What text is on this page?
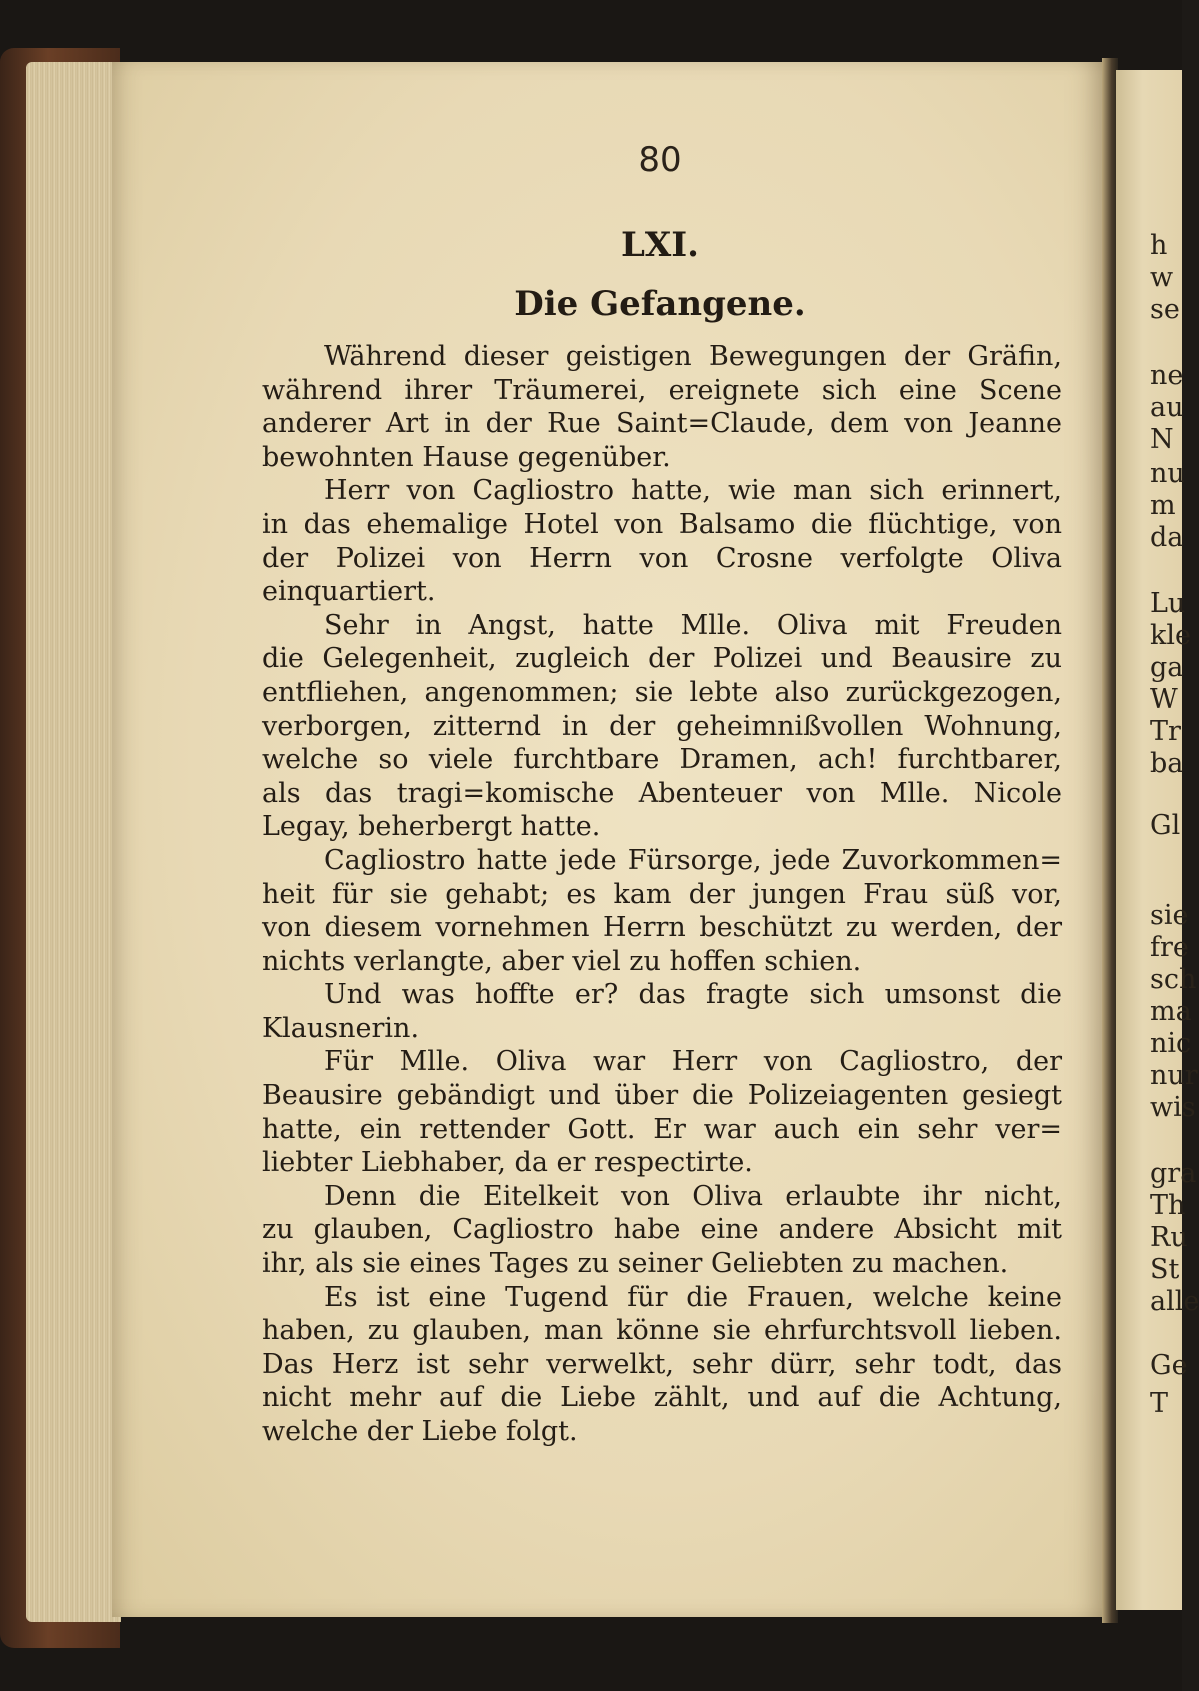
h
w
se
ne
au
N
nu
m
da
Lu
kle
ga
W
Tr
ba
Gl
sie
fre
sch
ma
nic
nur
wis
gra
Th
Ru
St
alle
Ge
T
80
LXI.
Die Gefangene.
Während dieser geistigen Bewegungen der Gräfin,
während ihrer Träumerei, ereignete sich eine Scene
anderer Art in der Rue Saint=Claude, dem von Jeanne
bewohnten Hause gegenüber.
Herr von Cagliostro hatte, wie man sich erinnert,
in das ehemalige Hotel von Balsamo die flüchtige, von
der Polizei von Herrn von Crosne verfolgte Oliva
einquartiert.
Sehr in Angst, hatte Mlle. Oliva mit Freuden
die Gelegenheit, zugleich der Polizei und Beausire zu
entfliehen, angenommen; sie lebte also zurückgezogen,
verborgen, zitternd in der geheimnißvollen Wohnung,
welche so viele furchtbare Dramen, ach! furchtbarer,
als das tragi=komische Abenteuer von Mlle. Nicole
Legay, beherbergt hatte.
Cagliostro hatte jede Fürsorge, jede Zuvorkommen=
heit für sie gehabt; es kam der jungen Frau süß vor,
von diesem vornehmen Herrn beschützt zu werden, der
nichts verlangte, aber viel zu hoffen schien.
Und was hoffte er? das fragte sich umsonst die
Klausnerin.
Für Mlle. Oliva war Herr von Cagliostro, der
Beausire gebändigt und über die Polizeiagenten gesiegt
hatte, ein rettender Gott. Er war auch ein sehr ver=
liebter Liebhaber, da er respectirte.
Denn die Eitelkeit von Oliva erlaubte ihr nicht,
zu glauben, Cagliostro habe eine andere Absicht mit
ihr, als sie eines Tages zu seiner Geliebten zu machen.
Es ist eine Tugend für die Frauen, welche keine
haben, zu glauben, man könne sie ehrfurchtsvoll lieben.
Das Herz ist sehr verwelkt, sehr dürr, sehr todt, das
nicht mehr auf die Liebe zählt, und auf die Achtung,
welche der Liebe folgt.
